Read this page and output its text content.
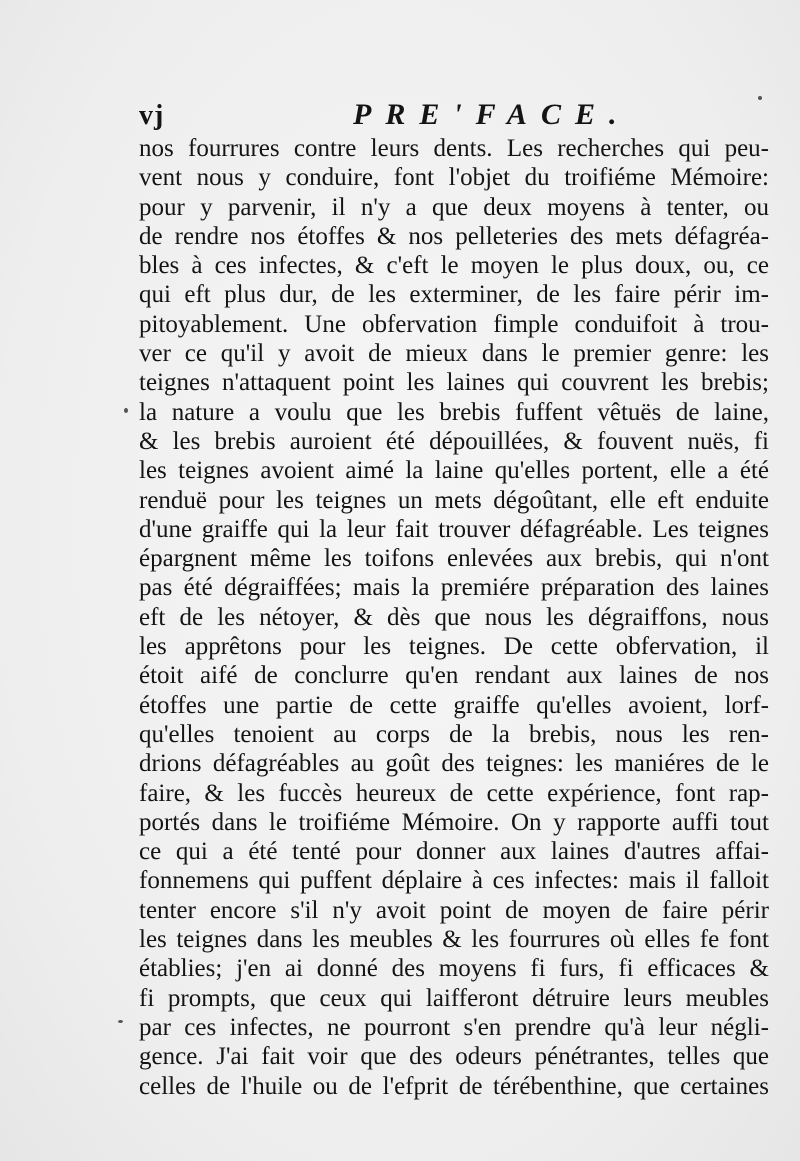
vj	PRE'FACE.
nos fourrures contre leurs dents. Les recherches qui peu-
vent nous y conduire, font l'objet du troifiéme Mémoire:
pour y parvenir, il n'y a que deux moyens à tenter, ou
de rendre nos étoffes & nos pelleteries des mets défagréa-
bles à ces infectes, & c'eft le moyen le plus doux, ou, ce
qui eft plus dur, de les exterminer, de les faire périr im-
pitoyablement. Une obfervation fimple conduifoit à trou-
ver ce qu'il y avoit de mieux dans le premier genre: les
teignes n'attaquent point les laines qui couvrent les brebis;
la nature a voulu que les brebis fuffent vêtuës de laine,
& les brebis auroient été dépouillées, & fouvent nuës, fi
les teignes avoient aimé la laine qu'elles portent, elle a été
renduë pour les teignes un mets dégoûtant, elle eft enduite
d'une graiffe qui la leur fait trouver défagréable. Les teignes
épargnent même les toifons enlevées aux brebis, qui n'ont
pas été dégraiffées; mais la premiére préparation des laines
eft de les nétoyer, & dès que nous les dégraiffons, nous
les apprêtons pour les teignes. De cette obfervation, il
étoit aifé de conclurre qu'en rendant aux laines de nos
étoffes une partie de cette graiffe qu'elles avoient, lorf-
qu'elles tenoient au corps de la brebis, nous les ren-
drions défagréables au goût des teignes: les maniéres de le
faire, & les fuccès heureux de cette expérience, font rap-
portés dans le troifiéme Mémoire. On y rapporte auffi tout
ce qui a été tenté pour donner aux laines d'autres affai-
fonnemens qui puffent déplaire à ces infectes: mais il falloit
tenter encore s'il n'y avoit point de moyen de faire périr
les teignes dans les meubles & les fourrures où elles fe font
établies; j'en ai donné des moyens fi furs, fi efficaces &
fi prompts, que ceux qui laifferont détruire leurs meubles
par ces infectes, ne pourront s'en prendre qu'à leur négli-
gence. J'ai fait voir que des odeurs pénétrantes, telles que
celles de l'huile ou de l'efprit de térébenthine, que certaines
